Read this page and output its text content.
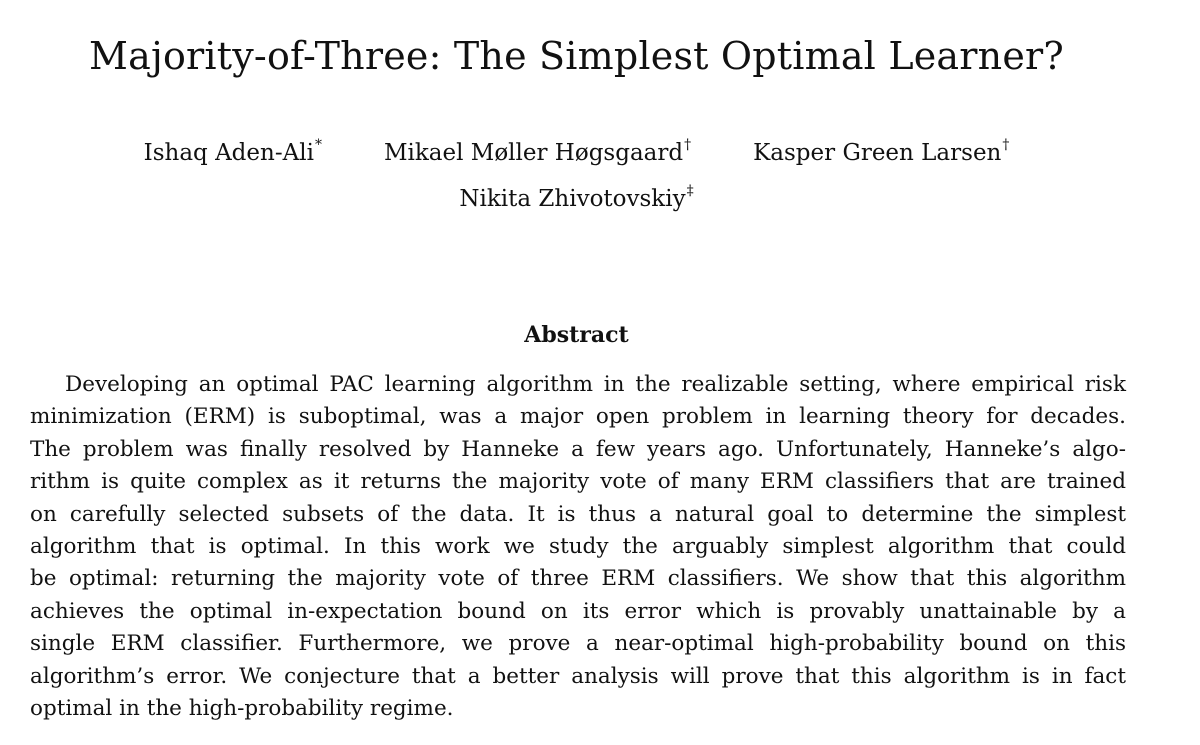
Majority-of-Three: The Simplest Optimal Learner?
Ishaq Aden-Ali*	Mikael Møller Høgsgaard†	Kasper Green Larsen†
Nikita Zhivotovskiy‡
Abstract
Developing an optimal PAC learning algorithm in the realizable setting, where empirical risk
minimization (ERM) is suboptimal, was a major open problem in learning theory for decades.
The problem was finally resolved by Hanneke a few years ago. Unfortunately, Hanneke’s algo-
rithm is quite complex as it returns the majority vote of many ERM classifiers that are trained
on carefully selected subsets of the data. It is thus a natural goal to determine the simplest
algorithm that is optimal. In this work we study the arguably simplest algorithm that could
be optimal: returning the majority vote of three ERM classifiers. We show that this algorithm
achieves the optimal in-expectation bound on its error which is provably unattainable by a
single ERM classifier. Furthermore, we prove a near-optimal high-probability bound on this
algorithm’s error. We conjecture that a better analysis will prove that this algorithm is in fact
optimal in the high-probability regime.
